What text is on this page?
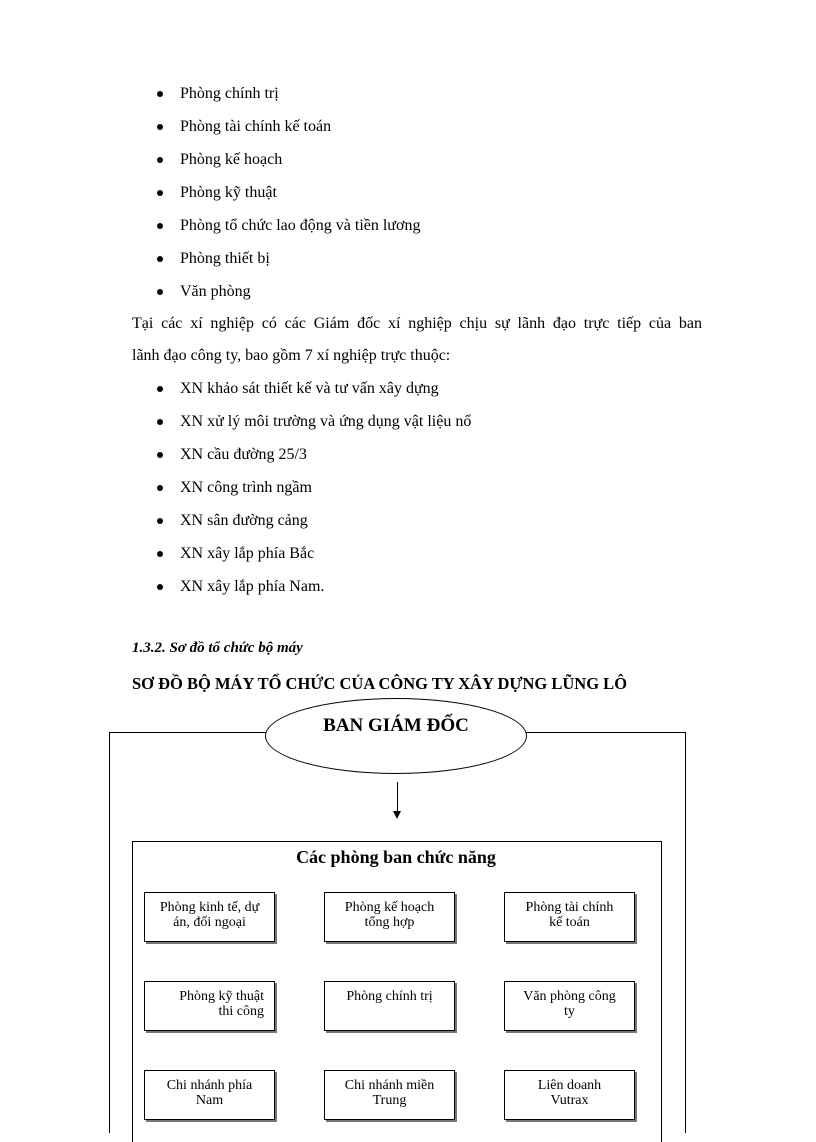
Phòng chính trị
Phòng tài chính kế toán
Phòng kế hoạch
Phòng kỹ thuật
Phòng tổ chức lao động và tiền lương
Phòng thiết bị
Văn phòng
Tại các xí nghiệp có các Giám đốc xí nghiệp chịu sự lãnh đạo trực tiếp của ban
lãnh đạo công ty, bao gồm 7 xí nghiệp trực thuộc:
XN khảo sát thiết kế và tư vấn xây dựng
XN xử lý môi trường và ứng dụng vật liệu nổ
XN cầu đường 25/3
XN công trình ngầm
XN sân đường cảng
XN xây lắp phía Bắc
XN xây lắp phía Nam.
1.3.2. Sơ đồ tổ chức bộ máy
SƠ ĐỒ BỘ MÁY TỔ CHỨC CỦA CÔNG TY XÂY DỰNG LŨNG LÔ
BAN GIÁM ĐỐC
Các phòng ban chức năng
Phòng kinh tế, dự
án, đối ngoại
Phòng kế hoạch
tổng hợp
Phòng tài chính
kế toán
Phòng kỹ thuật
thi công
Phòng chính trị	Văn phòng công
ty
Chi nhánh phía
Nam
Chi nhánh miền
Trung
Liên doanh
Vutrax
